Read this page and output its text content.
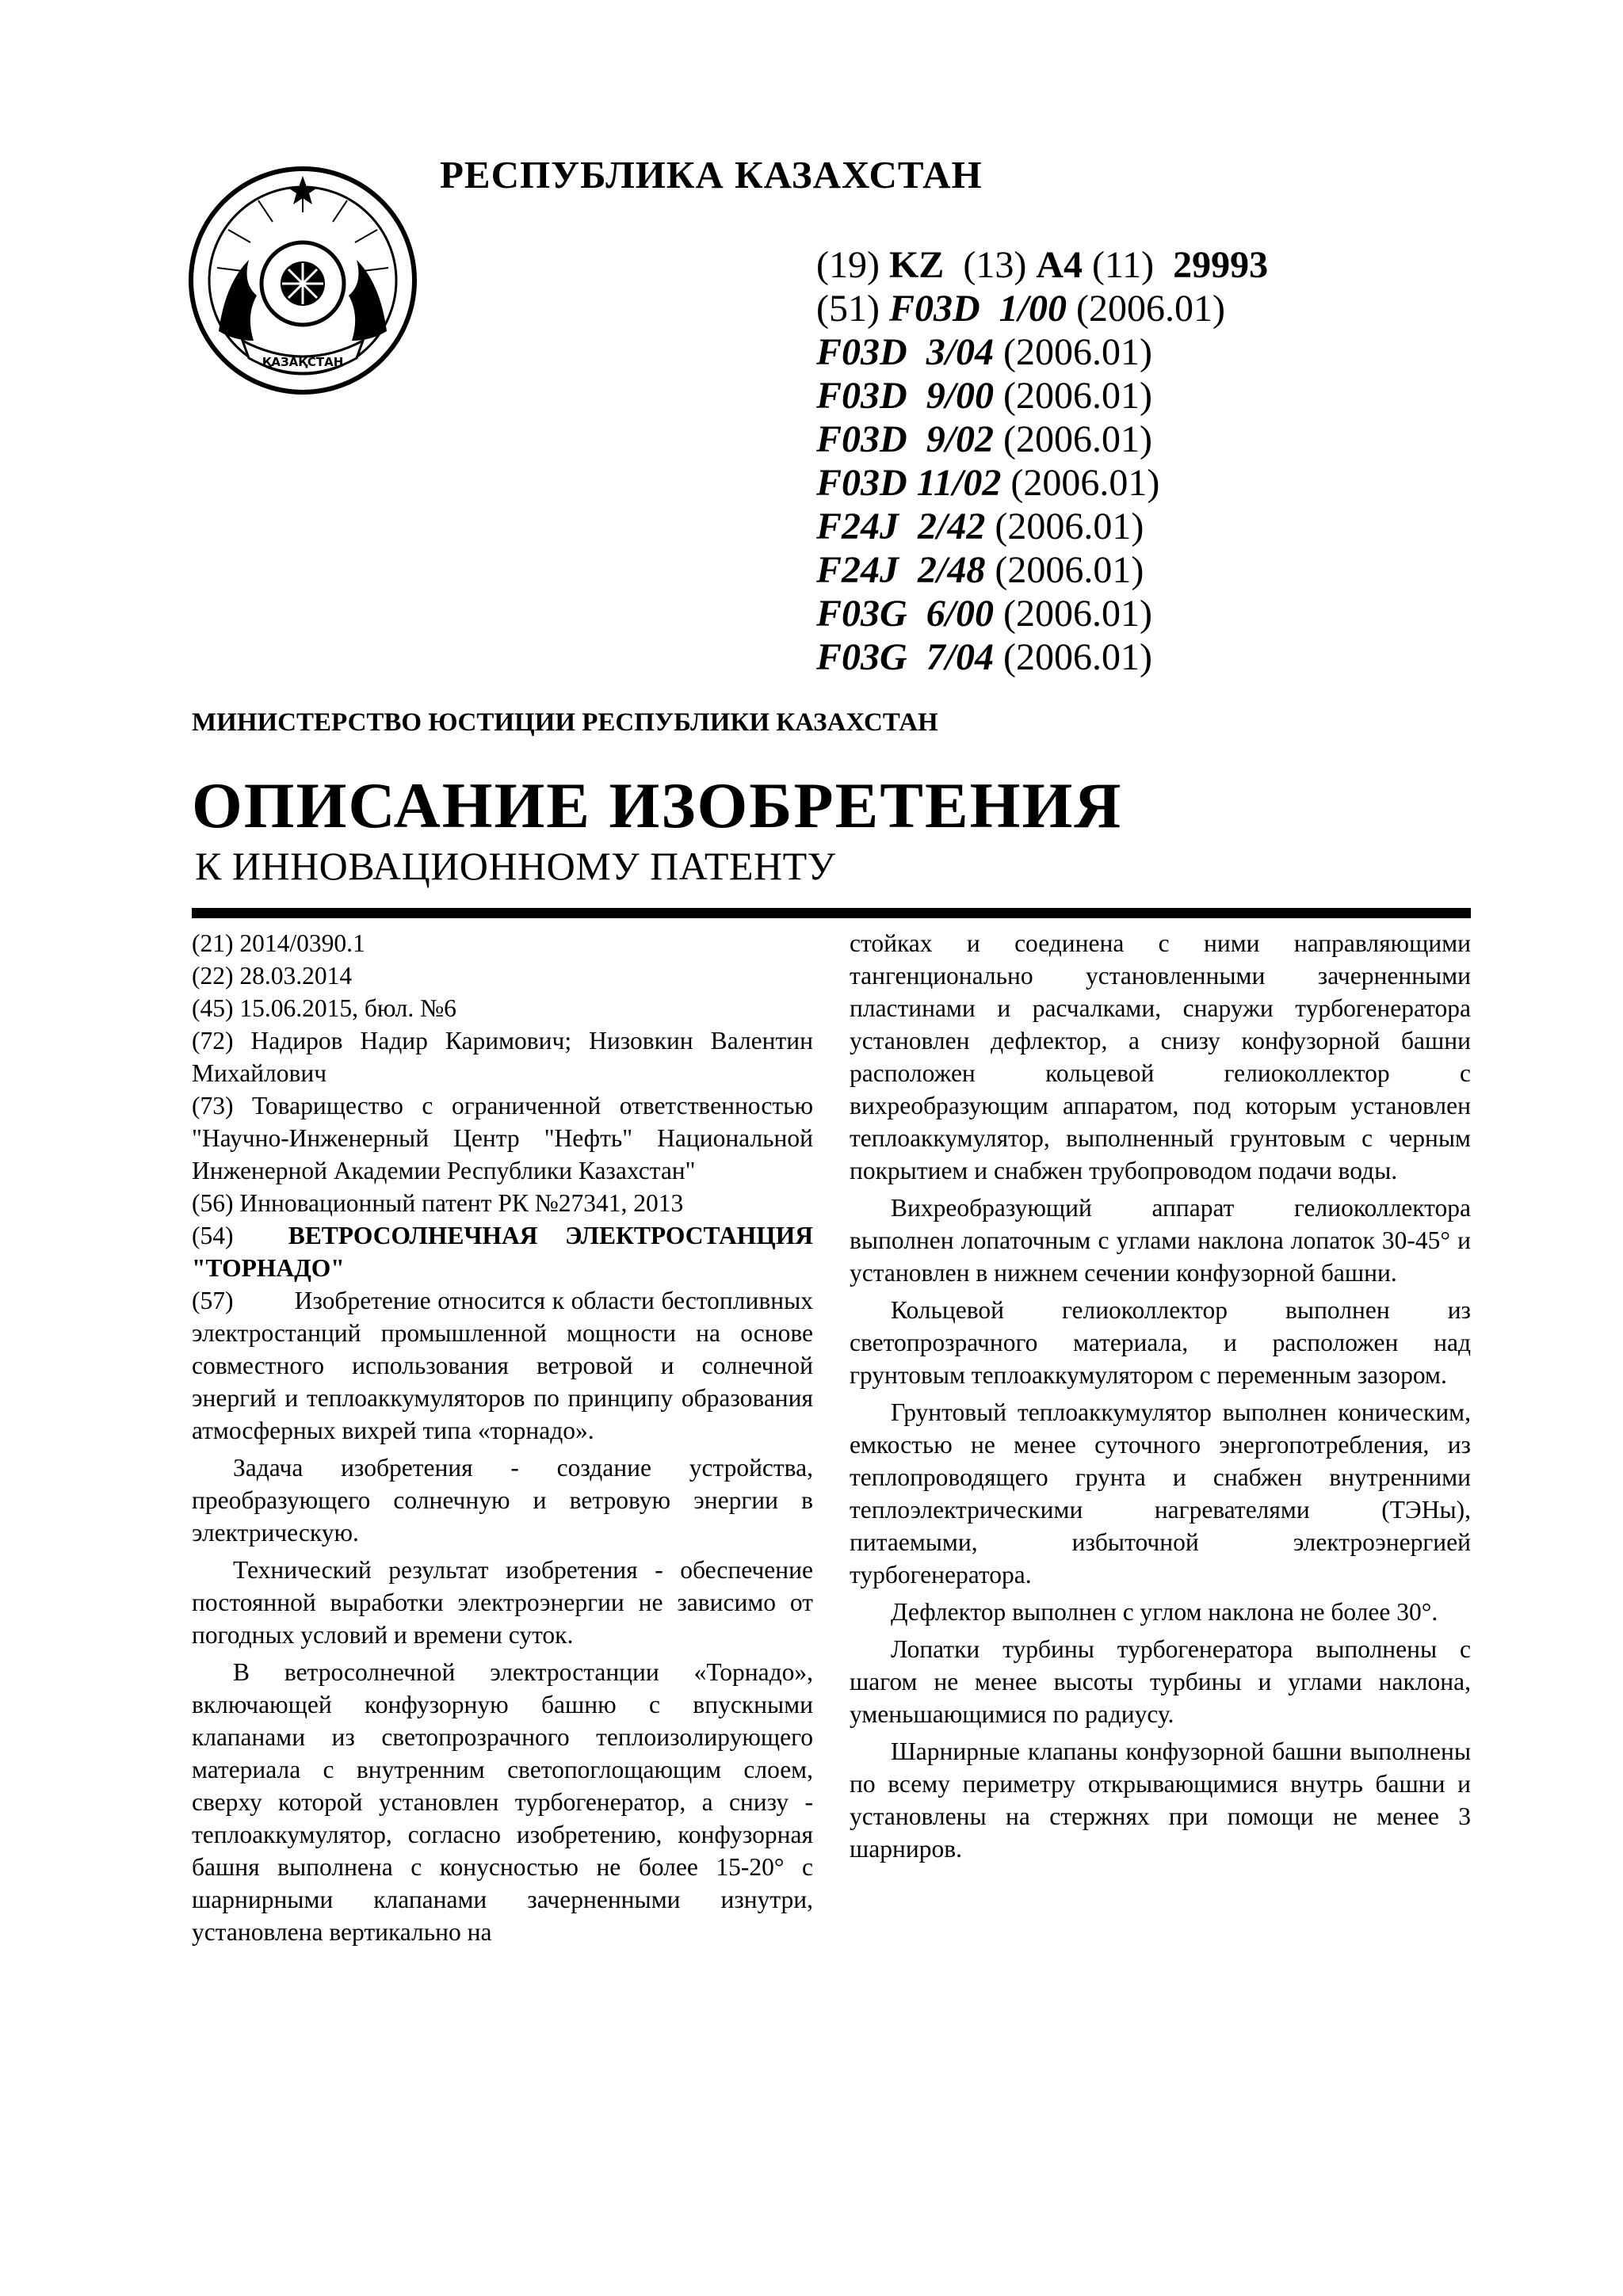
ҚАЗАҚСТАН
РЕСПУБЛИКА КАЗАХСТАН
(19) KZ (13) A4 (11) 29993
(51) F03D 1/00 (2006.01)
F03D 3/04 (2006.01)
F03D 9/00 (2006.01)
F03D 9/02 (2006.01)
F03D 11/02 (2006.01)
F24J 2/42 (2006.01)
F24J 2/48 (2006.01)
F03G 6/00 (2006.01)
F03G 7/04 (2006.01)
МИНИСТЕРСТВО ЮСТИЦИИ РЕСПУБЛИКИ КАЗАХСТАН
ОПИСАНИЕ ИЗОБРЕТЕНИЯ
К ИННОВАЦИОННОМУ ПАТЕНТУ
(21) 2014/0390.1
(22) 28.03.2014
(45) 15.06.2015, бюл. №6

(72) Надиров Надир Каримович; Низовкин Валентин Михайлович

(73) Товарищество с ограниченной ответственностью "Научно-Инженерный Центр "Нефть" Национальной Инженерной Академии Республики Казахстан"

(56) Инновационный патент РК №27341, 2013

(54) ВЕТРОСОЛНЕЧНАЯ ЭЛЕКТРОСТАНЦИЯ "ТОРНАДО"

(57) Изобретение относится к области бестопливных электростанций промышленной мощности на основе совместного использования ветровой и солнечной энергий и теплоаккумуляторов по принципу образования атмосферных вихрей типа «торнадо».

Задача изобретения - создание устройства, преобразующего солнечную и ветровую энергии в электрическую.

Технический результат изобретения - обеспечение постоянной выработки электроэнергии не зависимо от погодных условий и времени суток.

В ветросолнечной электростанции «Торнадо», включающей конфузорную башню с впускными клапанами из светопрозрачного теплоизолирующего материала с внутренним светопоглощающим слоем, сверху которой установлен турбогенератор, а снизу - теплоаккумулятор, согласно изобретению, конфузорная башня выполнена с конусностью не более 15-20° с шарнирными клапанами зачерненными изнутри, установлена вертикально на

стойках и соединена с ними направляющими тангенционально установленными зачерненными пластинами и расчалками, снаружи турбогенератора установлен дефлектор, а снизу конфузорной башни расположен кольцевой гелиоколлектор с вихреобразующим аппаратом, под которым установлен теплоаккумулятор, выполненный грунтовым с черным покрытием и снабжен трубопроводом подачи воды.

Вихреобразующий аппарат гелиоколлектора выполнен лопаточным с углами наклона лопаток 30-45° и установлен в нижнем сечении конфузорной башни.

Кольцевой гелиоколлектор выполнен из светопрозрачного материала, и расположен над грунтовым теплоаккумулятором с переменным зазором.

Грунтовый теплоаккумулятор выполнен коническим, емкостью не менее суточного энергопотребления, из теплопроводящего грунта и снабжен внутренними теплоэлектрическими нагревателями (ТЭНы), питаемыми, избыточной электроэнергией турбогенератора.

Дефлектор выполнен с углом наклона не более 30°.

Лопатки турбины турбогенератора выполнены с шагом не менее высоты турбины и углами наклона, уменьшающимися по радиусу.

Шарнирные клапаны конфузорной башни выполнены по всему периметру открывающимися внутрь башни и установлены на стержнях при помощи не менее 3 шарниров.
